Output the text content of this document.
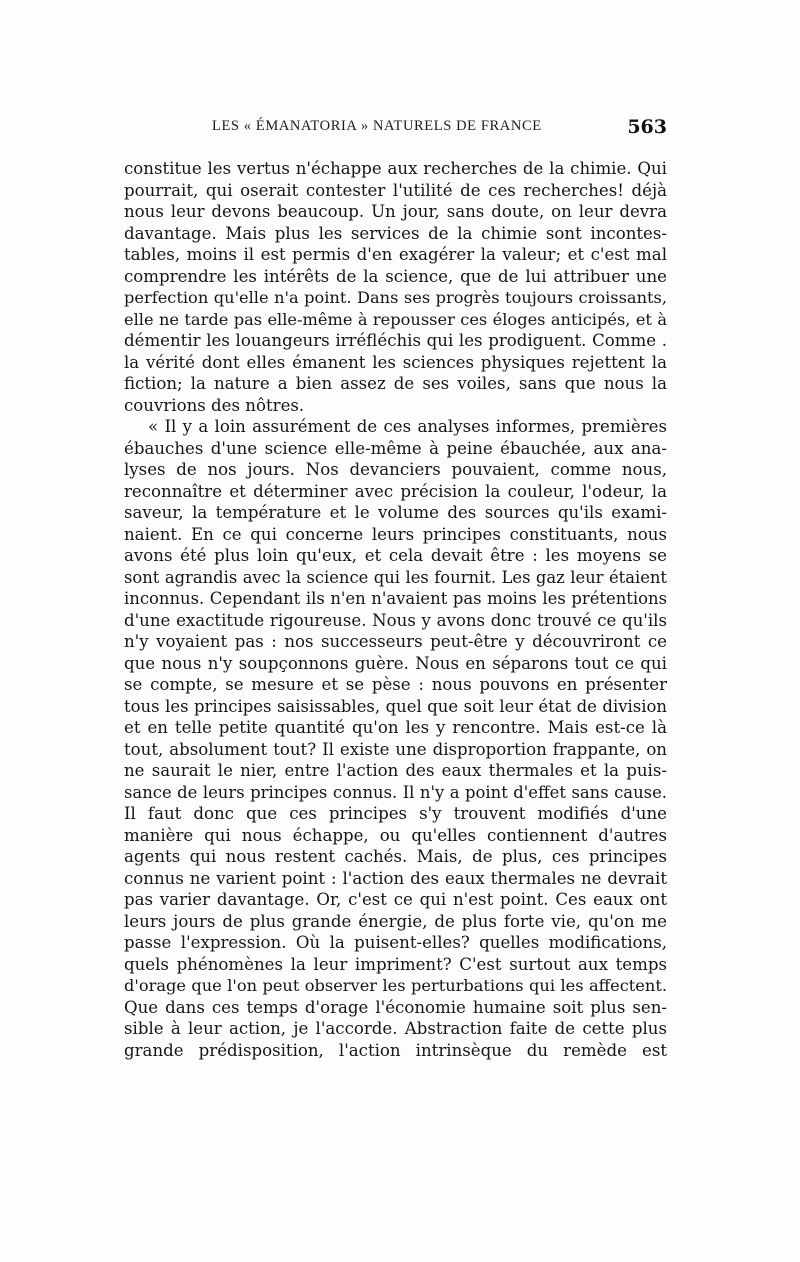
LES « ÉMANATORIA » NATURELS DE FRANCE	563
constitue les vertus n'échappe aux recherches de la chimie. Qui
pourrait, qui oserait contester l'utilité de ces recherches! déjà
nous leur devons beaucoup. Un jour, sans doute, on leur devra
davantage. Mais plus les services de la chimie sont incontes-
tables, moins il est permis d'en exagérer la valeur; et c'est mal
comprendre les intérêts de la science, que de lui attribuer une
perfection qu'elle n'a point. Dans ses progrès toujours croissants,
elle ne tarde pas elle-même à repousser ces éloges anticipés, et à
démentir les louangeurs irréfléchis qui les prodiguent. Comme .
la vérité dont elles émanent les sciences physiques rejettent la
fiction; la nature a bien assez de ses voiles, sans que nous la
couvrions des nôtres.
« Il y a loin assurément de ces analyses informes, premières
ébauches d'une science elle-même à peine ébauchée, aux ana-
lyses de nos jours. Nos devanciers pouvaient, comme nous,
reconnaître et déterminer avec précision la couleur, l'odeur, la
saveur, la température et le volume des sources qu'ils exami-
naient. En ce qui concerne leurs principes constituants, nous
avons été plus loin qu'eux, et cela devait être : les moyens se
sont agrandis avec la science qui les fournit. Les gaz leur étaient
inconnus. Cependant ils n'en n'avaient pas moins les prétentions
d'une exactitude rigoureuse. Nous y avons donc trouvé ce qu'ils
n'y voyaient pas : nos successeurs peut-être y découvriront ce
que nous n'y soupçonnons guère. Nous en séparons tout ce qui
se compte, se mesure et se pèse : nous pouvons en présenter
tous les principes saisissables, quel que soit leur état de division
et en telle petite quantité qu'on les y rencontre. Mais est-ce là
tout, absolument tout? Il existe une disproportion frappante, on
ne saurait le nier, entre l'action des eaux thermales et la puis-
sance de leurs principes connus. Il n'y a point d'effet sans cause.
Il faut donc que ces principes s'y trouvent modifiés d'une
manière qui nous échappe, ou qu'elles contiennent d'autres
agents qui nous restent cachés. Mais, de plus, ces principes
connus ne varient point : l'action des eaux thermales ne devrait
pas varier davantage. Or, c'est ce qui n'est point. Ces eaux ont
leurs jours de plus grande énergie, de plus forte vie, qu'on me
passe l'expression. Où la puisent-elles? quelles modifications,
quels phénomènes la leur impriment? C'est surtout aux temps
d'orage que l'on peut observer les perturbations qui les affectent.
Que dans ces temps d'orage l'économie humaine soit plus sen-
sible à leur action, je l'accorde. Abstraction faite de cette plus
grande prédisposition, l'action intrinsèque du remède est
